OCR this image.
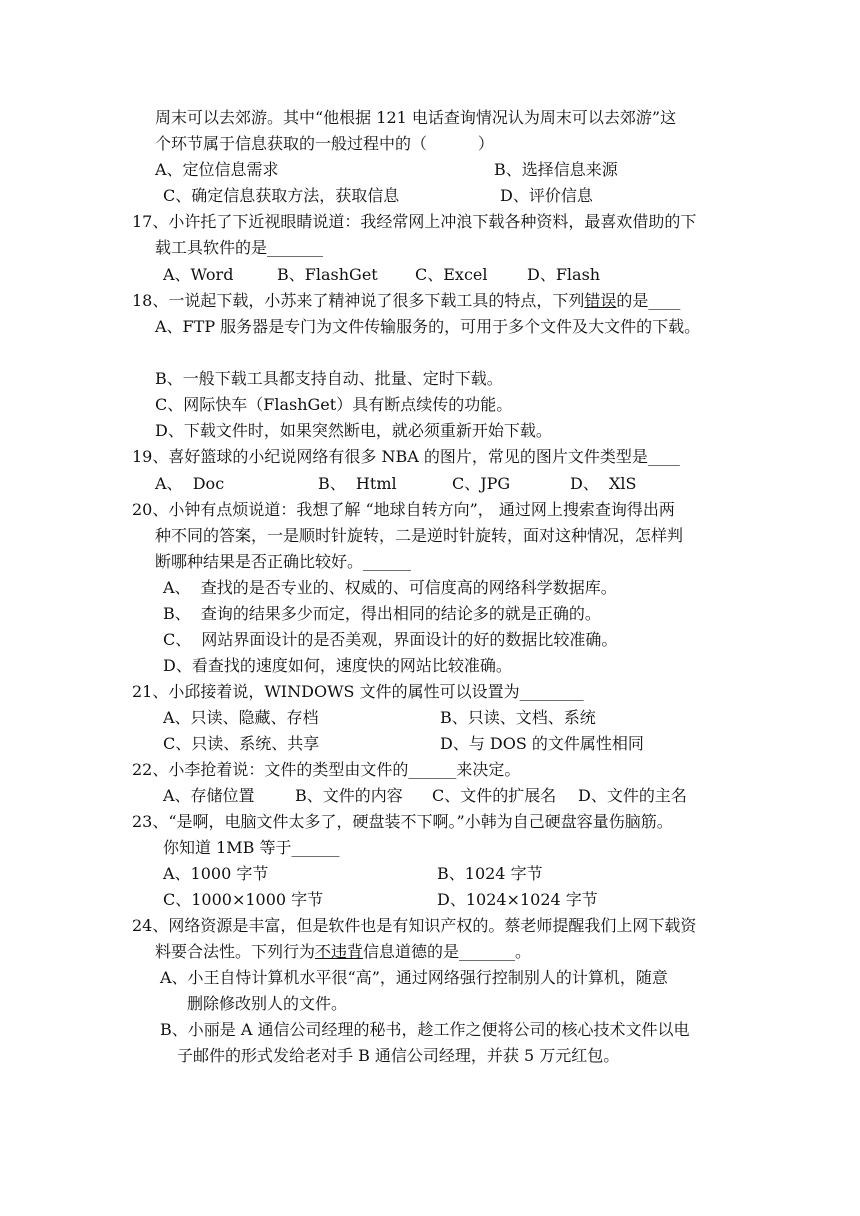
周末可以去郊游。其中“他根据 121 电话查询情况认为周末可以去郊游”这
个环节属于信息获取的一般过程中的（          ）
A、定位信息需求	B、选择信息来源
C、确定信息获取方法，获取信息	D、评价信息
17、小许托了下近视眼睛说道：我经常网上冲浪下载各种资料，最喜欢借助的下
载工具软件的是_______
A、Word	B、FlashGet C、Excel D、Flash
18、一说起下载，小苏来了精神说了很多下载工具的特点，下列错误的是____
A、FTP 服务器是专门为文件传输服务的，可用于多个文件及大文件的下载。
B、一般下载工具都支持自动、批量、定时下载。
C、网际快车（FlashGet）具有断点续传的功能。
D、下载文件时，如果突然断电，就必须重新开始下载。
19、喜好篮球的小纪说网络有很多 NBA 的图片，常见的图片文件类型是____
A、  Doc	B、  Html	C、JPG	D、  XlS
20、小钟有点烦说道：我想了解 “地球自转方向”， 通过网上搜索查询得出两
种不同的答案，一是顺时针旋转，二是逆时针旋转，面对这种情况，怎样判
断哪种结果是否正确比较好。______
A、  查找的是否专业的、权威的、可信度高的网络科学数据库。
B、  查询的结果多少而定，得出相同的结论多的就是正确的。
C、  网站界面设计的是否美观，界面设计的好的数据比较准确。
D、看查找的速度如何，速度快的网站比较准确。
21、小邱接着说，WINDOWS 文件的属性可以设置为________
A、只读、隐藏、存档	B、只读、文档、系统
C、只读、系统、共享	D、与 DOS 的文件属性相同
22、小李抢着说：文件的类型由文件的______来决定。
A、存储位置	B、文件的内容 C、文件的扩展名 D、文件的主名
23、“是啊，电脑文件太多了，硬盘装不下啊。”小韩为自己硬盘容量伤脑筋。
你知道 1MB 等于______
A、1000 字节	B、1024 字节
C、1000×1000 字节	D、1024×1024 字节
24、网络资源是丰富，但是软件也是有知识产权的。蔡老师提醒我们上网下载资
料要合法性。下列行为不违背信息道德的是_______。
A、小王自恃计算机水平很“高”，通过网络强行控制别人的计算机，随意
删除修改别人的文件。
B、小丽是 A 通信公司经理的秘书，趁工作之便将公司的核心技术文件以电
子邮件的形式发给老对手 B 通信公司经理，并获 5 万元红包。
